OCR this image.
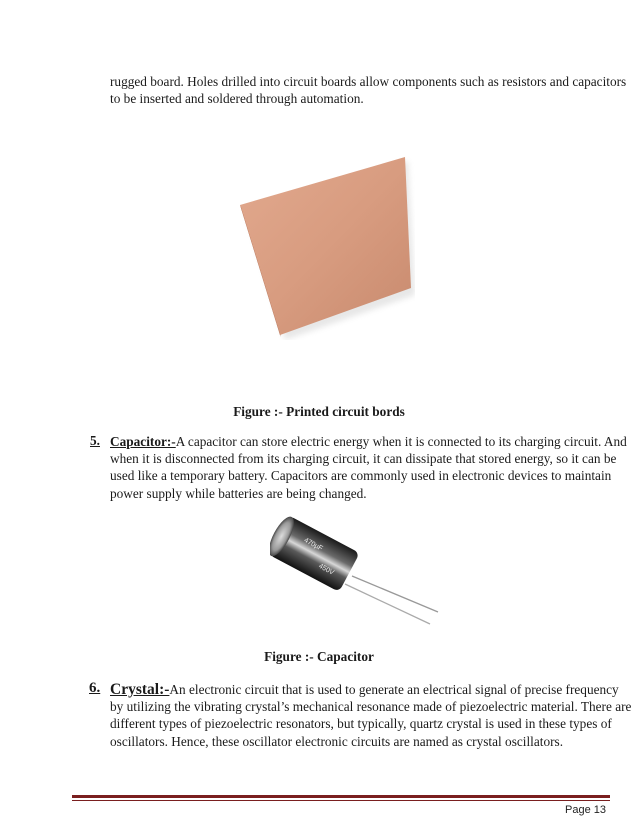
rugged board. Holes drilled into circuit boards allow components such as resistors and capacitors
to be inserted and soldered through automation.
Figure :- Printed circuit bords
5. Capacitor:-A capacitor can store electric energy when it is connected to its charging circuit. And
when it is disconnected from its charging circuit, it can dissipate that stored energy, so it can be
used like a temporary battery. Capacitors are commonly used in electronic devices to maintain
power supply while batteries are being changed.
470µF
450V
Figure :- Capacitor
6. Crystal:-An electronic circuit that is used to generate an electrical signal of precise frequency
by utilizing the vibrating crystal’s mechanical resonance made of piezoelectric material. There are
different types of piezoelectric resonators, but typically, quartz crystal is used in these types of
oscillators. Hence, these oscillator electronic circuits are named as crystal oscillators.
Page 13
